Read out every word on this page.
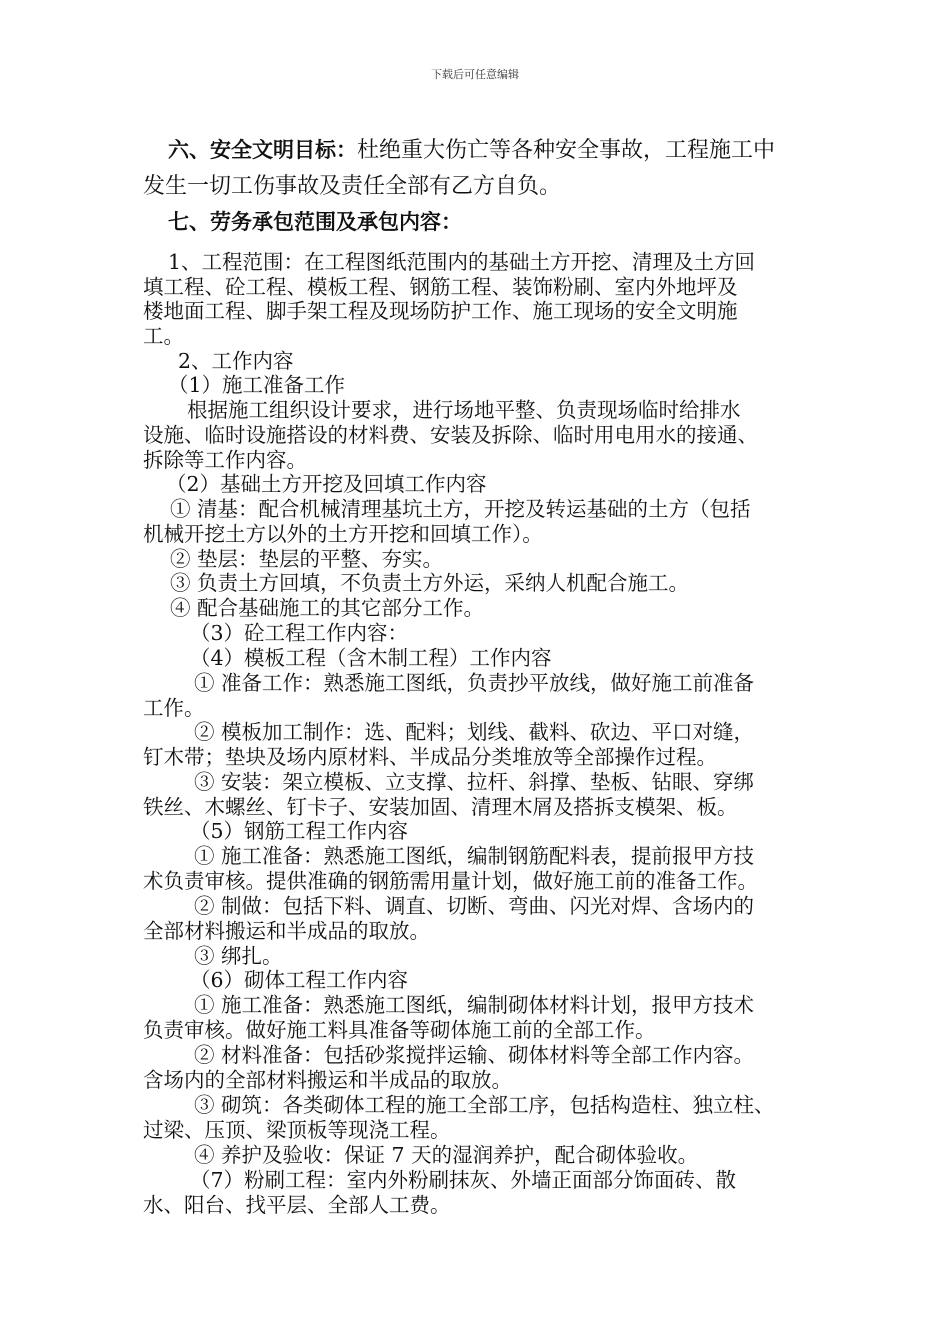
下载后可任意编辑
六、安全文明目标：杜绝重大伤亡等各种安全事故，工程施工中
发生一切工伤事故及责任全部有乙方自负。
七、劳务承包范围及承包内容：
1、工程范围：在工程图纸范围内的基础土方开挖、清理及土方回
填工程、砼工程、模板工程、钢筋工程、装饰粉刷、室内外地坪及
楼地面工程、脚手架工程及现场防护工作、施工现场的安全文明施
工。
2、工作内容
（1）施工准备工作
根据施工组织设计要求，进行场地平整、负责现场临时给排水
设施、临时设施搭设的材料费、安装及拆除、临时用电用水的接通、
拆除等工作内容。
（2）基础土方开挖及回填工作内容
① 清基：配合机械清理基坑土方，开挖及转运基础的土方（包括
机械开挖土方以外的土方开挖和回填工作）。
② 垫层：垫层的平整、夯实。
③ 负责土方回填，不负责土方外运，采纳人机配合施工。
④ 配合基础施工的其它部分工作。
（3）砼工程工作内容：
（4）模板工程（含木制工程）工作内容
① 准备工作：熟悉施工图纸，负责抄平放线，做好施工前准备
工作。
② 模板加工制作：选、配料；划线、截料、砍边、平口对缝，
钉木带；垫块及场内原材料、半成品分类堆放等全部操作过程。
③ 安装：架立模板、立支撑、拉杆、斜撑、垫板、钻眼、穿绑
铁丝、木螺丝、钉卡子、安装加固、清理木屑及搭拆支模架、板。
（5）钢筋工程工作内容
① 施工准备：熟悉施工图纸，编制钢筋配料表，提前报甲方技
术负责审核。提供准确的钢筋需用量计划，做好施工前的准备工作。
② 制做：包括下料、调直、切断、弯曲、闪光对焊、含场内的
全部材料搬运和半成品的取放。
③ 绑扎。
（6）砌体工程工作内容
① 施工准备：熟悉施工图纸，编制砌体材料计划，报甲方技术
负责审核。做好施工料具准备等砌体施工前的全部工作。
② 材料准备：包括砂浆搅拌运输、砌体材料等全部工作内容。
含场内的全部材料搬运和半成品的取放。
③ 砌筑：各类砌体工程的施工全部工序，包括构造柱、独立柱、
过梁、压顶、梁顶板等现浇工程。
④ 养护及验收：保证 7 天的湿润养护，配合砌体验收。
（7）粉刷工程：室内外粉刷抹灰、外墙正面部分饰面砖、散
水、阳台、找平层、全部人工费。
